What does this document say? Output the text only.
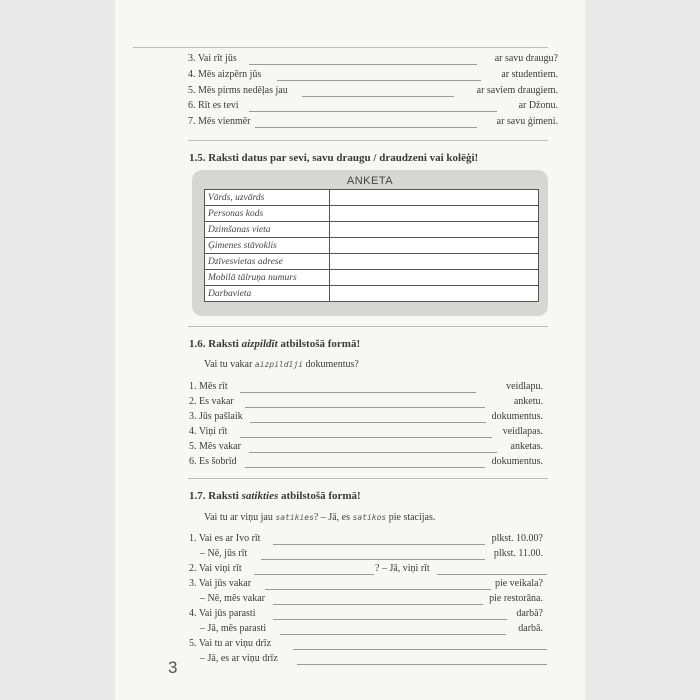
3. Vai rīt jūs	ar savu draugu?
4. Mēs aizpērn jūs	ar studentiem.
5. Mēs pirms nedēļas jau	ar saviem draugiem.
6. Rīt es tevi	ar Džonu.
7. Mēs vienmēr	ar savu ģimeni.
1.5. Raksti datus par sevi, savu draugu / draudzeni vai kolēģi!
ANKETA
Vārds, uzvārds	
Personas kods	
Dzimšanas vieta	
Ģimenes stāvoklis	
Dzīvesvietas adrese	
Mobilā tālruņa numurs	
Darbavieta	
1.6. Raksti aizpildīt atbilstošā formā!
Vai tu vakar aizpildīji dokumentus?
1. Mēs rīt	veidlapu.
2. Es vakar	anketu.
3. Jūs pašlaik	dokumentus.
4. Viņi rīt	veidlapas.
5. Mēs vakar	anketas.
6. Es šobrīd	dokumentus.
1.7. Raksti satikties atbilstošā formā!
Vai tu ar viņu jau satikies? – Jā, es satikos pie stacijas.
1. Vai es ar Ivo rīt	plkst. 10.00?
– Nē, jūs rīt	plkst. 11.00.
2. Vai viņi rīt	? – Jā, viņi rīt
3. Vai jūs vakar	pie veikala?
– Nē, mēs vakar	pie restorāna.
4. Vai jūs parasti	darbā?
– Jā, mēs parasti	darbā.
5. Vai tu ar viņu drīz
– Jā, es ar viņu drīz
3
